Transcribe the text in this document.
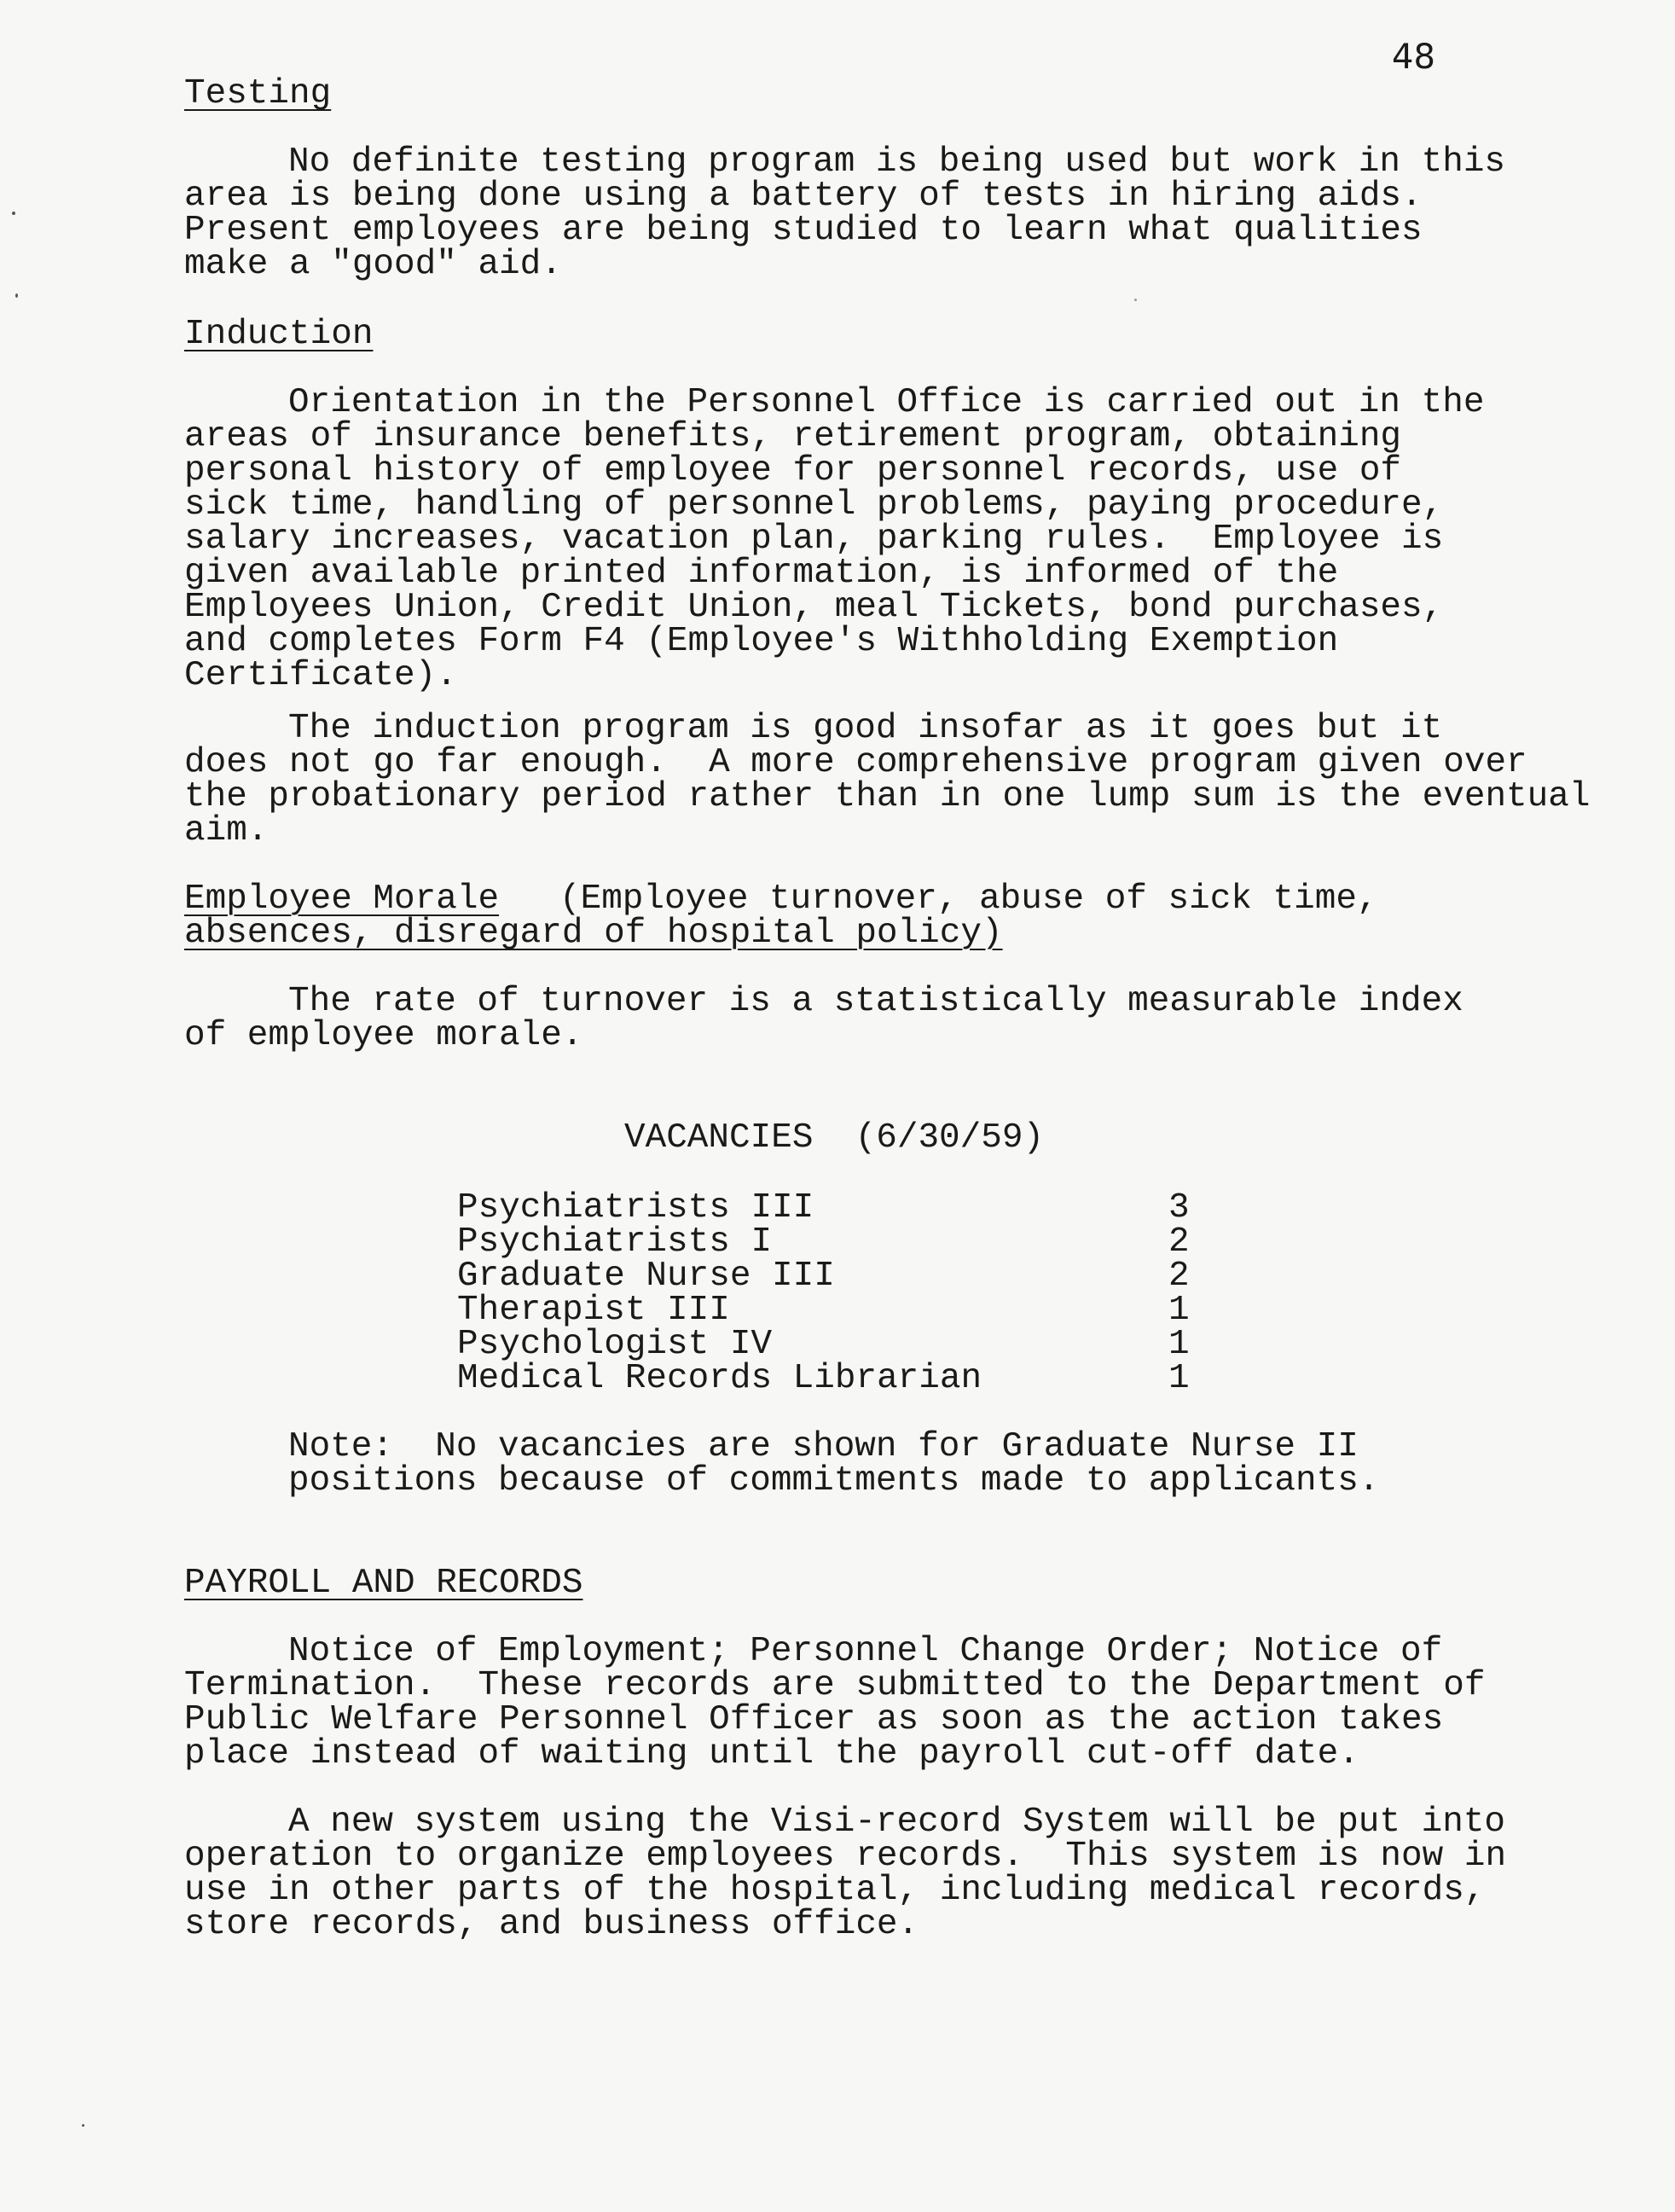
48
Testing
No definite testing program is being used but work in this
area is being done using a battery of tests in hiring aids.
Present employees are being studied to learn what qualities
make a "good" aid.
Induction
Orientation in the Personnel Office is carried out in the
areas of insurance benefits, retirement program, obtaining
personal history of employee for personnel records, use of
sick time, handling of personnel problems, paying procedure,
salary increases, vacation plan, parking rules.  Employee is
given available printed information, is informed of the
Employees Union, Credit Union, meal Tickets, bond purchases,
and completes Form F4 (Employee's Withholding Exemption
Certificate).
The induction program is good insofar as it goes but it
does not go far enough.  A more comprehensive program given over
the probationary period rather than in one lump sum is the eventual
aim.
Employee Morale (Employee turnover, abuse of sick time,
absences, disregard of hospital policy)
The rate of turnover is a statistically measurable index
of employee morale.
VACANCIES  (6/30/59)
Psychiatrists III	3
Psychiatrists I	2
Graduate Nurse III	2
Therapist III	1
Psychologist IV	1
Medical Records Librarian	1
Note:  No vacancies are shown for Graduate Nurse II
positions because of commitments made to applicants.
PAYROLL AND RECORDS
Notice of Employment; Personnel Change Order; Notice of
Termination.  These records are submitted to the Department of
Public Welfare Personnel Officer as soon as the action takes
place instead of waiting until the payroll cut-off date.
A new system using the Visi-record System will be put into
operation to organize employees records.  This system is now in
use in other parts of the hospital, including medical records,
store records, and business office.
